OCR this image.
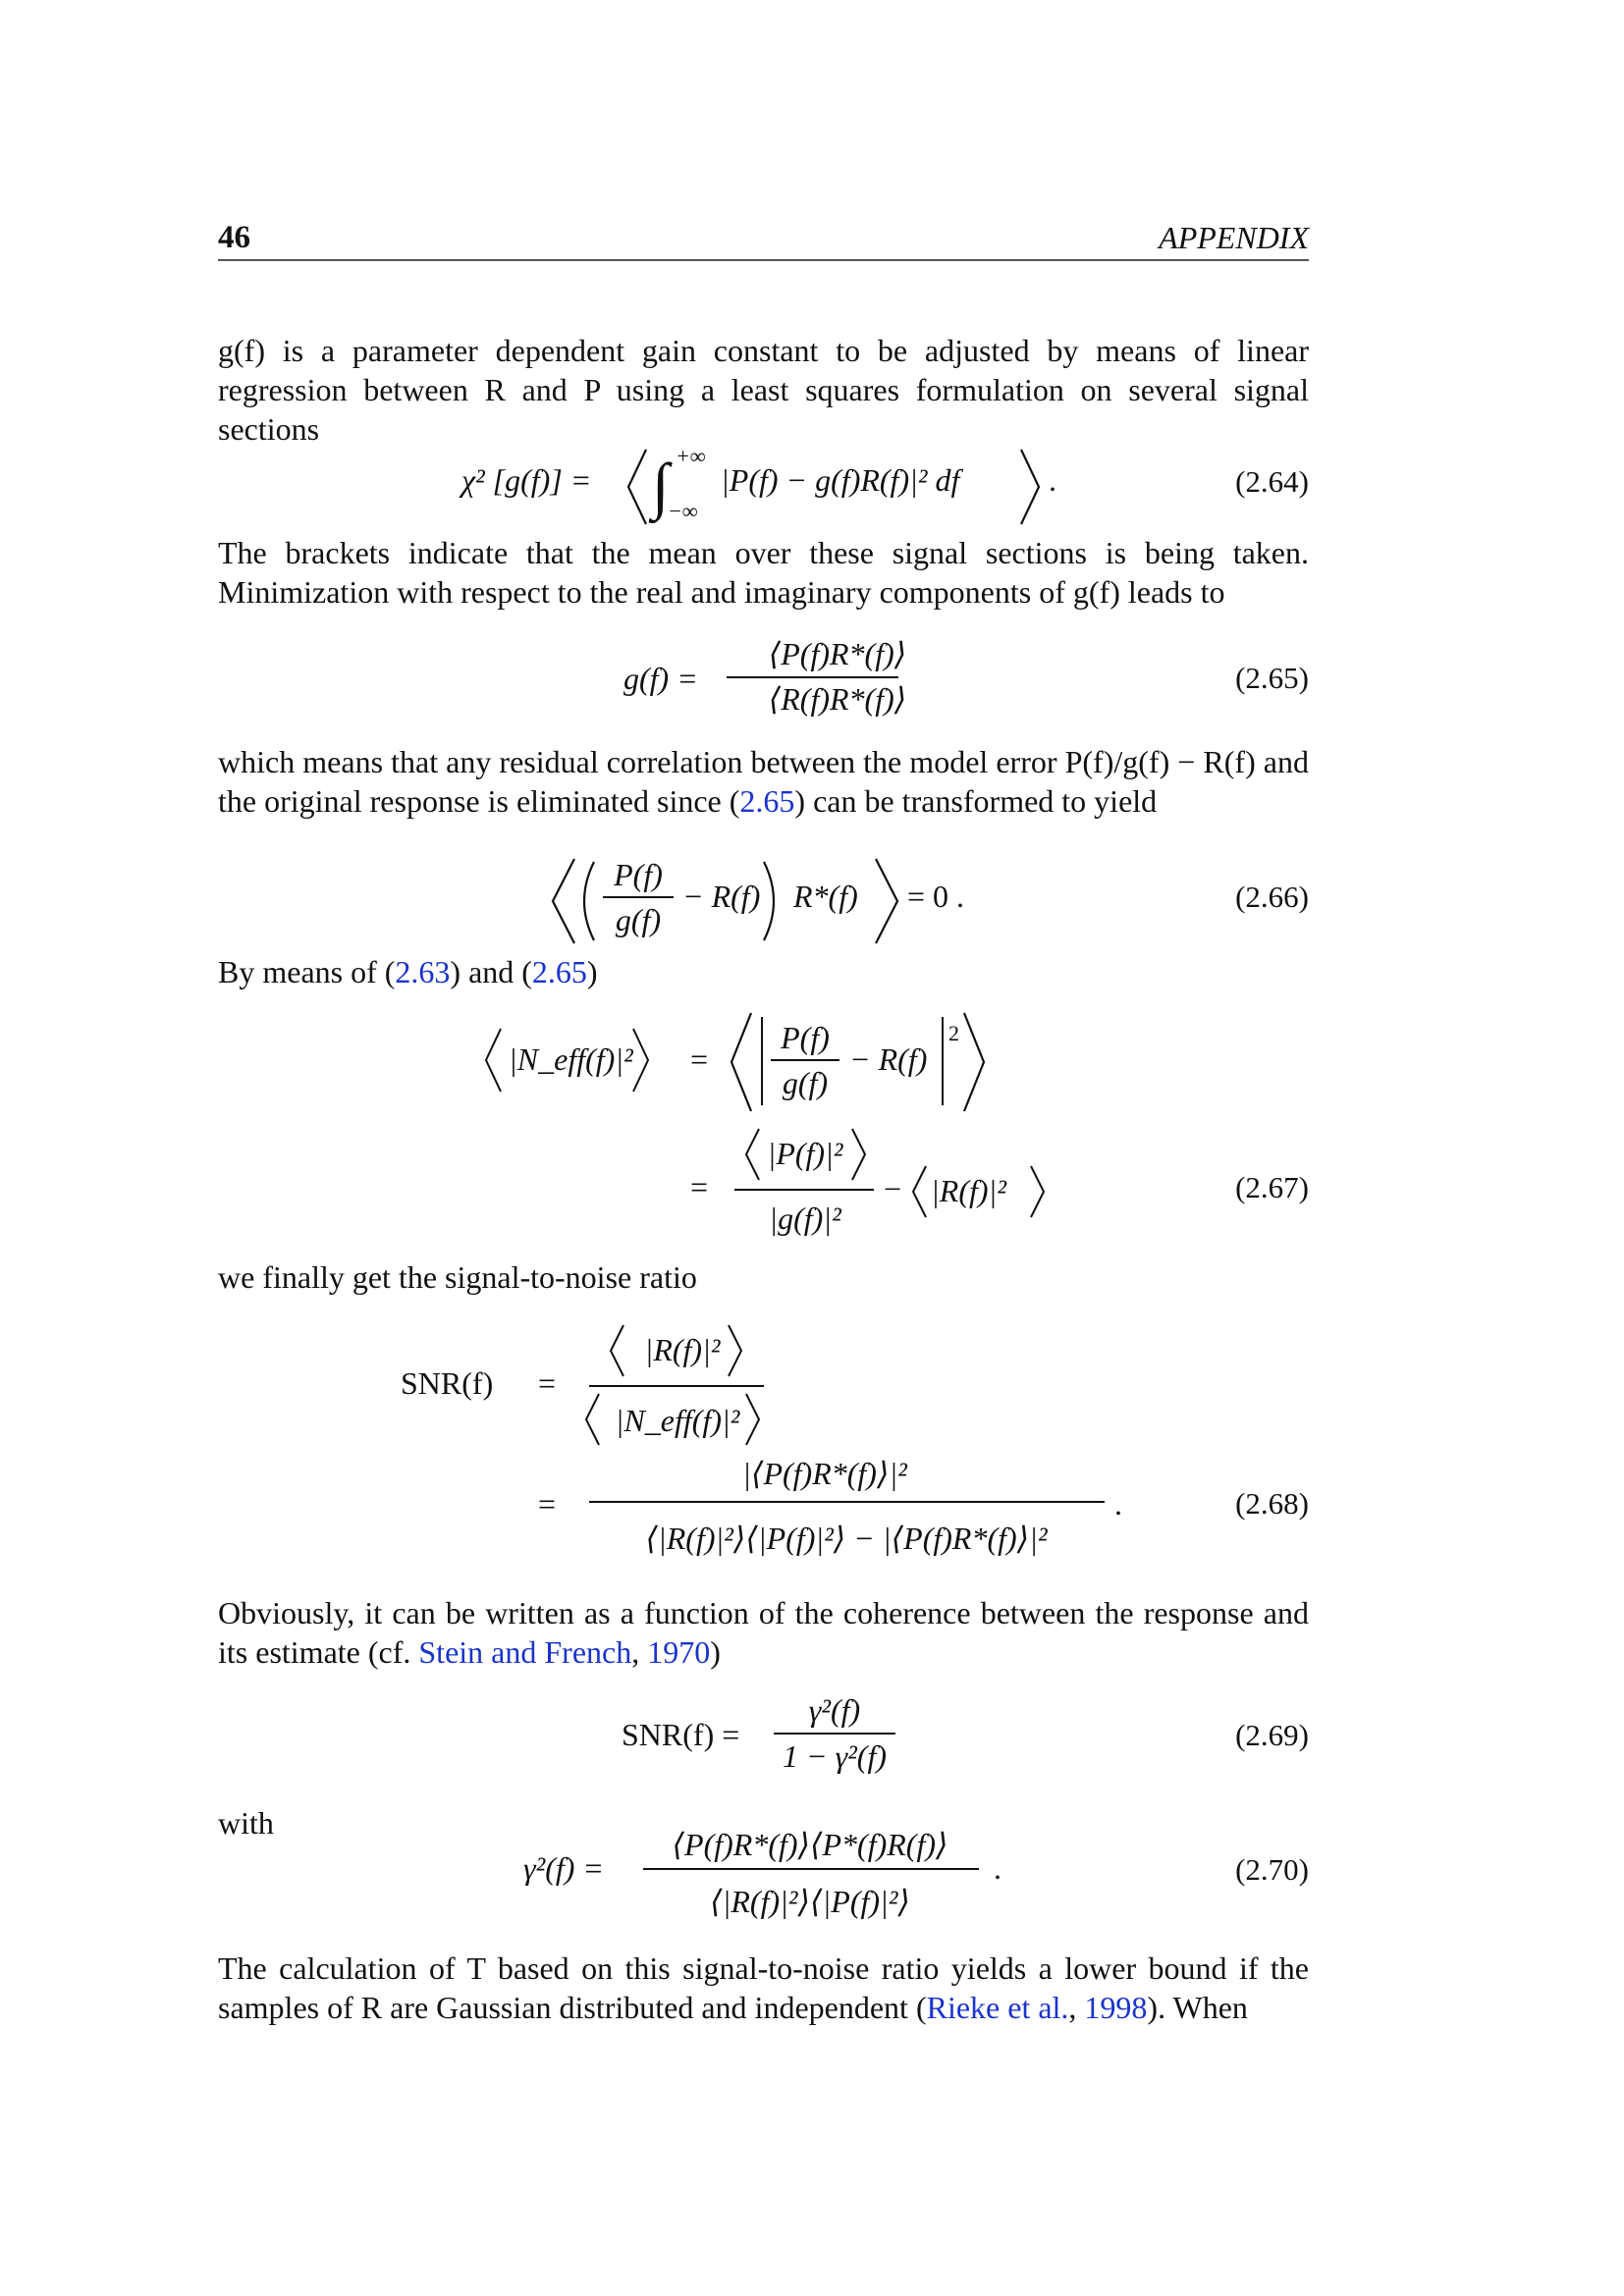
46	APPENDIX
g(f) is a parameter dependent gain constant to be adjusted by means of linear regression between R and P using a least squares formulation on several signal sections
The brackets indicate that the mean over these signal sections is being taken. Minimization with respect to the real and imaginary components of g(f) leads to
which means that any residual correlation between the model error P(f)/g(f) − R(f) and the original response is eliminated since (2.65) can be transformed to yield
By means of (2.63) and (2.65)
we finally get the signal-to-noise ratio
Obviously, it can be written as a function of the coherence between the response and its estimate (cf. Stein and French, 1970)
with
The calculation of T based on this signal-to-noise ratio yields a lower bound if the samples of R are Gaussian distributed and independent (Rieke et al., 1998). When
(2.64)
(2.65)
(2.66)
(2.67)
(2.68)
(2.69)
(2.70)
χ² [g(f)] = ∫ +∞
−∞
|P(f) − g(f)R(f)|² df	.
g(f) =
⟨P(f)R*(f)⟩
⟨R(f)R*(f)⟩
P(f)
g(f)
− R(f) R*(f) = 0 .
|N_eff(f)|² =
P(f)
g(f)
− R(f)
2
=
|P(f)|²
|g(f)|²
− |R(f)|²
SNR(f) =
|R(f)|²
|N_eff(f)|²
=
|⟨P(f)R*(f)⟩|²
⟨|R(f)|²⟩⟨|P(f)|²⟩ − |⟨P(f)R*(f)⟩|²
.
SNR(f) =
γ²(f)
1 − γ²(f)
γ²(f) =
⟨P(f)R*(f)⟩⟨P*(f)R(f)⟩
⟨|R(f)|²⟩⟨|P(f)|²⟩
.
